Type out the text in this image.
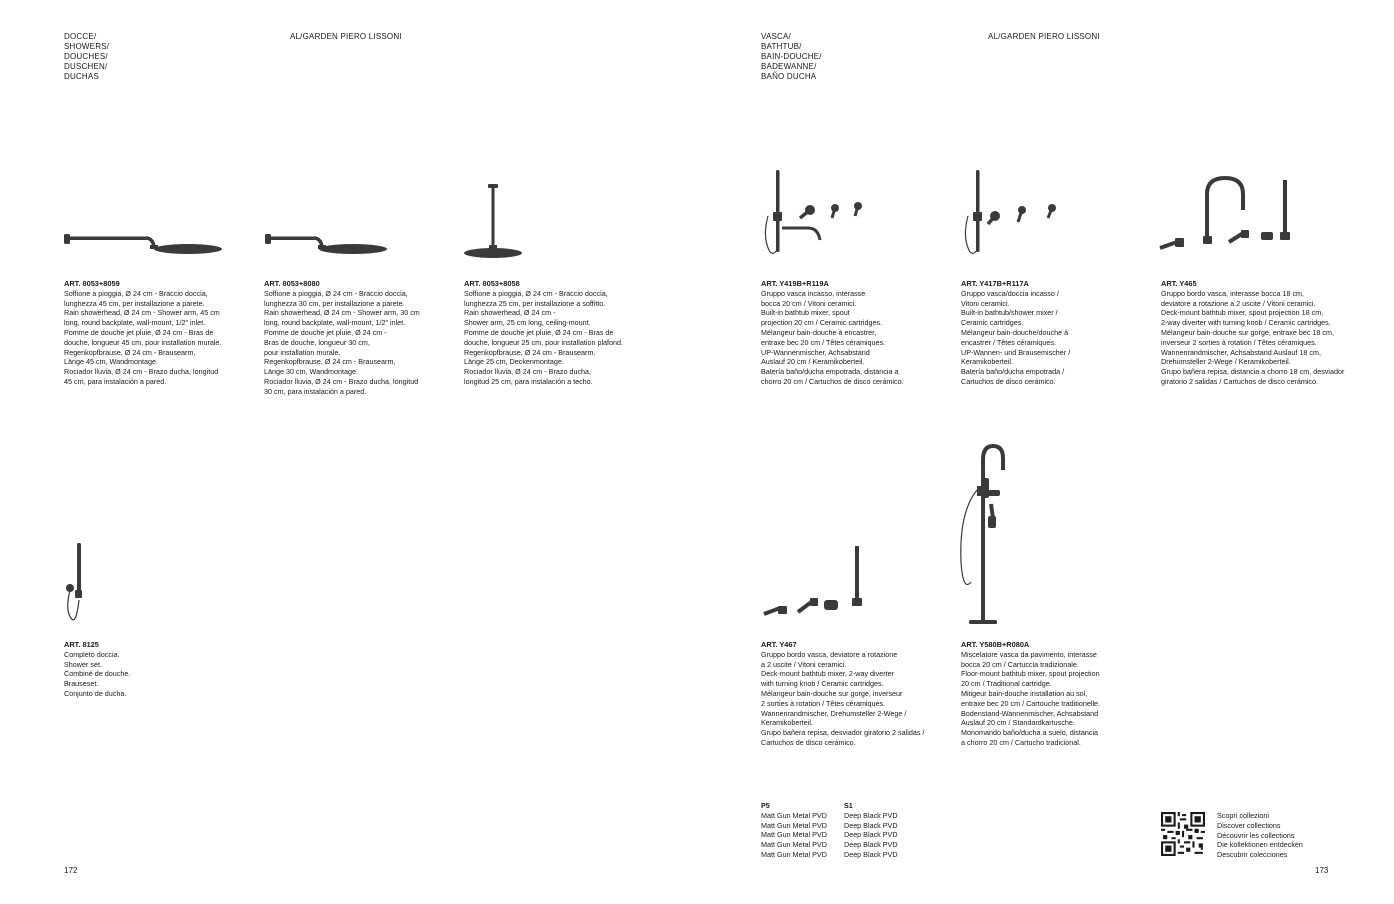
DOCCE/
SHOWERS/
DOUCHES/
DUSCHEN/
DUCHAS
AL/GARDEN PIERO LISSONI
ART. 8053+8059
Soffione a pioggia, Ø 24 cm - Braccio doccia,
lunghezza 45 cm, per installazione a parete.
Rain showerhead, Ø 24 cm - Shower arm, 45 cm
long, round backplate, wall-mount, 1/2" inlet.
Pomme de douche jet pluie, Ø 24 cm - Bras de
douche, longueur 45 cm, pour installation murale.
Regenkopfbrause, Ø 24 cm - Brausearm,
Länge 45 cm, Wandmontage.
Rociador lluvia, Ø 24 cm - Brazo ducha, longitud
45 cm, para instalación a pared.
ART. 8053+8080
Soffione a pioggia, Ø 24 cm - Braccio doccia,
lunghezza 30 cm, per installazione a parete.
Rain showerhead, Ø 24 cm - Shower arm, 30 cm
long, round backplate, wall-mount, 1/2" inlet.
Pomme de douche jet pluie, Ø 24 cm -
Bras de douche, longueur 30 cm,
pour installation murale.
Regenkopfbrause, Ø 24 cm - Brausearm,
Länge 30 cm, Wandmontage.
Rociador lluvia, Ø 24 cm - Brazo ducha, longitud
30 cm, para instalación a pared.
ART. 8053+8058
Soffione a pioggia, Ø 24 cm - Braccio doccia,
lunghezza 25 cm, per installazione a soffitto.
Rain showerhead, Ø 24 cm -
Shower arm, 25 cm long, ceiling-mount.
Pomme de douche jet pluie, Ø 24 cm - Bras de
douche, longueur 25 cm, pour installation plafond.
Regenkopfbrause, Ø 24 cm - Brausearm.
Länge 25 cm, Deckenmontage.
Rociador lluvia, Ø 24 cm - Brazo ducha,
longitud 25 cm, para instalación a techo.
ART. 8125
Completo doccia.
Shower set.
Combiné de douche.
Brauseset.
Conjunto de ducha.
172
VASCA/
BATHTUB/
BAIN-DOUCHE/
BADEWANNE/
BAÑO DUCHA
AL/GARDEN PIERO LISSONI
ART. Y419B+R119A
Gruppo vasca incasso, interasse
bocca 20 cm / Vitoni ceramici.
Built-in bathtub mixer, spout
projection 20 cm / Ceramic cartridges.
Mélangeur bain-douche à encastrer,
entraxe bec 20 cm / Têtes céramiques.
UP-Wannenmischer, Achsabstand
Auslauf 20 cm / Keramikoberteil.
Batería baño/ducha empotrada, distancia a
chorro 20 cm / Cartuchos de disco cerámico.
ART. Y417B+R117A
Gruppo vasca/doccia incasso /
Vitoni ceramici.
Built-in bathtub/shower mixer /
Ceramic cartridges.
Mélangeur bain-douche/douche à
encastrer / Têtes céramiques.
UP-Wannen- und Brausemischer /
Keramikoberteil.
Batería baño/ducha empotrada /
Cartuchos de disco cerámico.
ART. Y465
Gruppo bordo vasca, interasse bocca 18 cm,
deviatore a rotazione a 2 uscite / Vitoni ceramici.
Deck-mount bathtub mixer, spout projection 18 cm,
2-way diverter with turning knob / Ceramic cartridges.
Mélangeur bain-douche sur gorge, entraxe bec 18 cm,
inverseur 2 sorties à rotation / Têtes céramiques.
Wannenrandmischer, Achsabstand Auslauf 18 cm,
Drehumsteller 2-Wege / Keramikoberteil.
Grupo bañera repisa, distancia a chorro 18 cm, desviador
giratorio 2 salidas / Cartuchos de disco cerámico.
ART. Y467
Gruppo bordo vasca, deviatore a rotazione
a 2 uscite / Vitoni ceramici.
Deck-mount bathtub mixer, 2-way diverter
with turning knob / Ceramic cartridges.
Mélangeur bain-douche sur gorge, inverseur
2 sorties à rotation / Têtes céramiques.
Wannenrandmischer, Drehumsteller 2-Wege /
Keramikoberteil.
Grupo bañera repisa, desviador giratorio 2 salidas /
Cartuchos de disco cerámico.
ART. Y580B+R080A
Miscelatore vasca da pavimento, interasse
bocca 20 cm / Cartuccia tradizionale.
Floor-mount bathtub mixer, spout projection
20 cm / Traditional cartridge.
Mitigeur bain-douche installation au sol,
entraxe bec 20 cm / Cartouche traditionelle.
Bodenstand-Wannenmischer, Achsabstand
Auslauf 20 cm / Standardkartusche.
Monomando baño/ducha a suelo, distancia
a chorro 20 cm / Cartucho tradicional.
P5
Matt Gun Metal PVD
Matt Gun Metal PVD
Matt Gun Metal PVD
Matt Gun Metal PVD
Matt Gun Metal PVD
S1
Deep Black PVD
Deep Black PVD
Deep Black PVD
Deep Black PVD
Deep Black PVD
Scopri collezioni
Discover collections
Découvrir les collections
Die kollektionen entdecken
Descubrir colecciones
173
